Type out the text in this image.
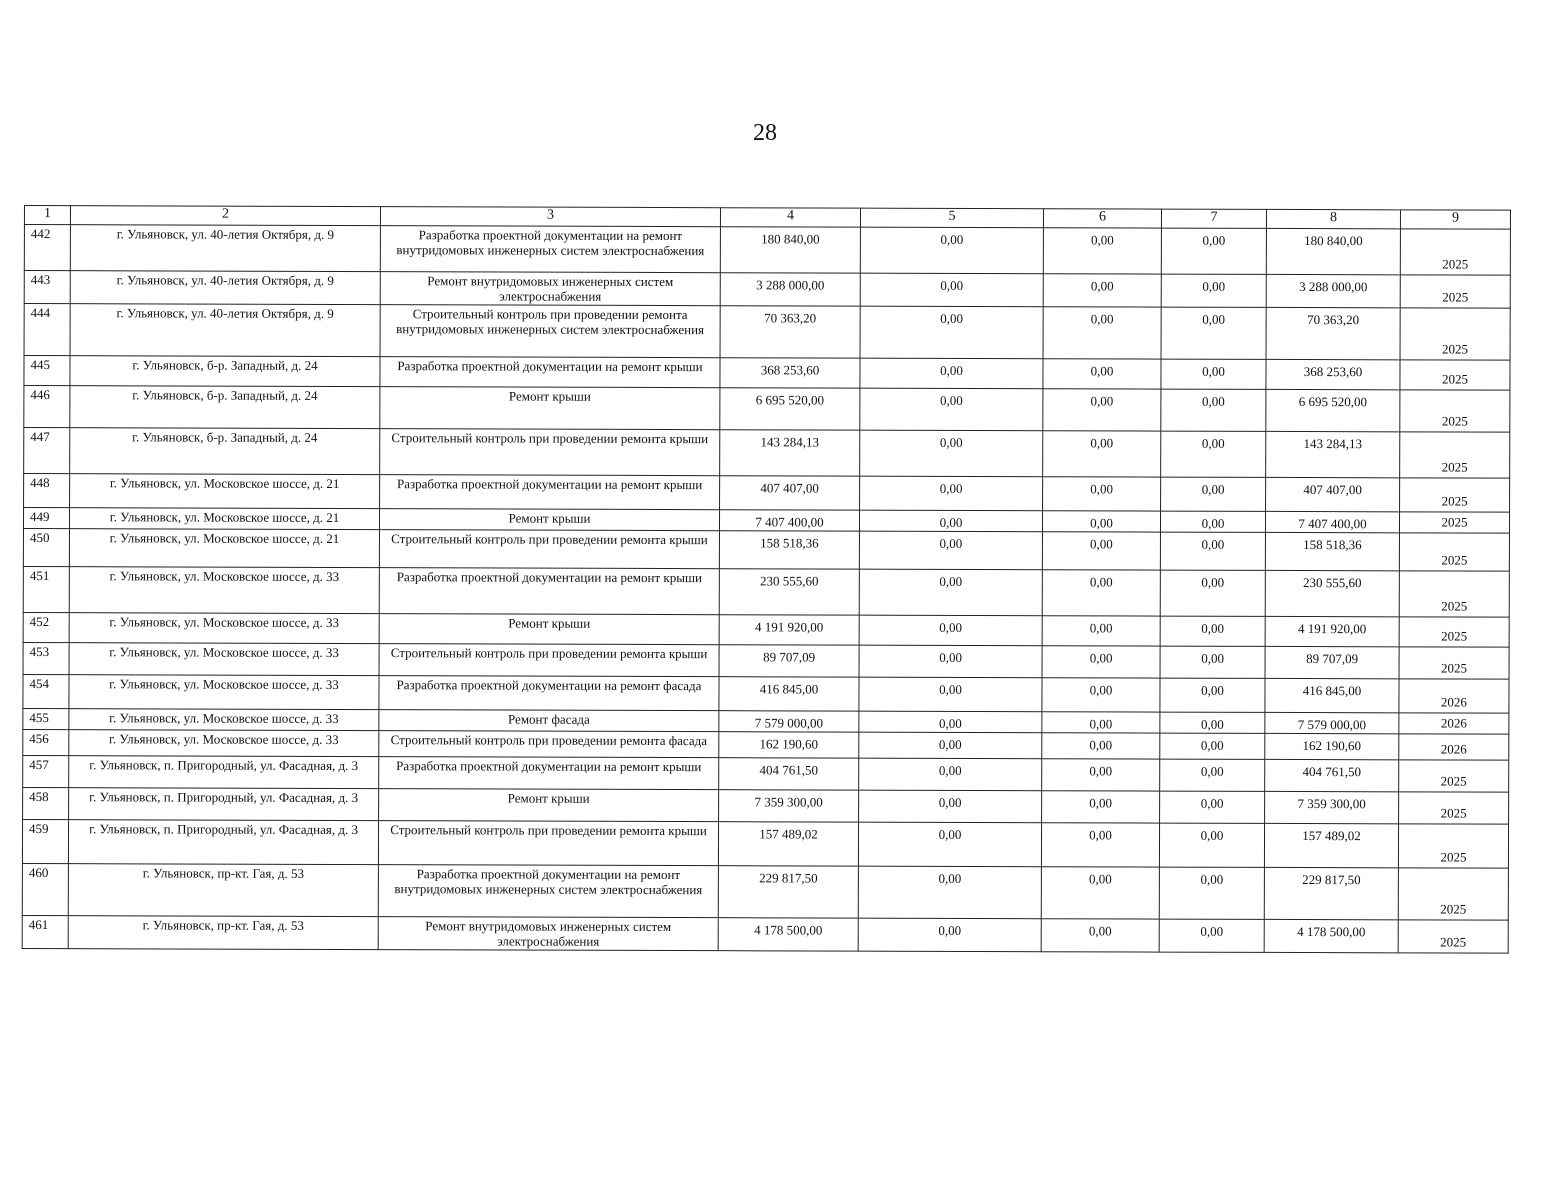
28
1	2	3	4	5	6	7	8	9
442	г. Ульяновск, ул. 40-летия Октября, д. 9	Разработка проектной документации на ремонт внутридомовых инженерных систем электроснабжения	180 840,00	0,00	0,00	0,00	180 840,00	2025
443	г. Ульяновск, ул. 40-летия Октября, д. 9	Ремонт внутридомовых инженерных систем электроснабжения	3 288 000,00	0,00	0,00	0,00	3 288 000,00	2025
444	г. Ульяновск, ул. 40-летия Октября, д. 9	Строительный контроль при проведении ремонта внутридомовых инженерных систем электроснабжения	70 363,20	0,00	0,00	0,00	70 363,20	2025
445	г. Ульяновск, б-р. Западный, д. 24	Разработка проектной документации на ремонт крыши	368 253,60	0,00	0,00	0,00	368 253,60	2025
446	г. Ульяновск, б-р. Западный, д. 24	Ремонт крыши	6 695 520,00	0,00	0,00	0,00	6 695 520,00	2025
447	г. Ульяновск, б-р. Западный, д. 24	Строительный контроль при проведении ремонта крыши	143 284,13	0,00	0,00	0,00	143 284,13	2025
448	г. Ульяновск, ул. Московское шоссе, д. 21	Разработка проектной документации на ремонт крыши	407 407,00	0,00	0,00	0,00	407 407,00	2025
449	г. Ульяновск, ул. Московское шоссе, д. 21	Ремонт крыши	7 407 400,00	0,00	0,00	0,00	7 407 400,00	2025
450	г. Ульяновск, ул. Московское шоссе, д. 21	Строительный контроль при проведении ремонта крыши	158 518,36	0,00	0,00	0,00	158 518,36	2025
451	г. Ульяновск, ул. Московское шоссе, д. 33	Разработка проектной документации на ремонт крыши	230 555,60	0,00	0,00	0,00	230 555,60	2025
452	г. Ульяновск, ул. Московское шоссе, д. 33	Ремонт крыши	4 191 920,00	0,00	0,00	0,00	4 191 920,00	2025
453	г. Ульяновск, ул. Московское шоссе, д. 33	Строительный контроль при проведении ремонта крыши	89 707,09	0,00	0,00	0,00	89 707,09	2025
454	г. Ульяновск, ул. Московское шоссе, д. 33	Разработка проектной документации на ремонт фасада	416 845,00	0,00	0,00	0,00	416 845,00	2026
455	г. Ульяновск, ул. Московское шоссе, д. 33	Ремонт фасада	7 579 000,00	0,00	0,00	0,00	7 579 000,00	2026
456	г. Ульяновск, ул. Московское шоссе, д. 33	Строительный контроль при проведении ремонта фасада	162 190,60	0,00	0,00	0,00	162 190,60	2026
457	г. Ульяновск, п. Пригородный, ул. Фасадная, д. 3	Разработка проектной документации на ремонт крыши	404 761,50	0,00	0,00	0,00	404 761,50	2025
458	г. Ульяновск, п. Пригородный, ул. Фасадная, д. 3	Ремонт крыши	7 359 300,00	0,00	0,00	0,00	7 359 300,00	2025
459	г. Ульяновск, п. Пригородный, ул. Фасадная, д. 3	Строительный контроль при проведении ремонта крыши	157 489,02	0,00	0,00	0,00	157 489,02	2025
460	г. Ульяновск, пр-кт. Гая, д. 53	Разработка проектной документации на ремонт внутридомовых инженерных систем электроснабжения	229 817,50	0,00	0,00	0,00	229 817,50	2025
461	г. Ульяновск, пр-кт. Гая, д. 53	Ремонт внутридомовых инженерных систем электроснабжения	4 178 500,00	0,00	0,00	0,00	4 178 500,00	2025
